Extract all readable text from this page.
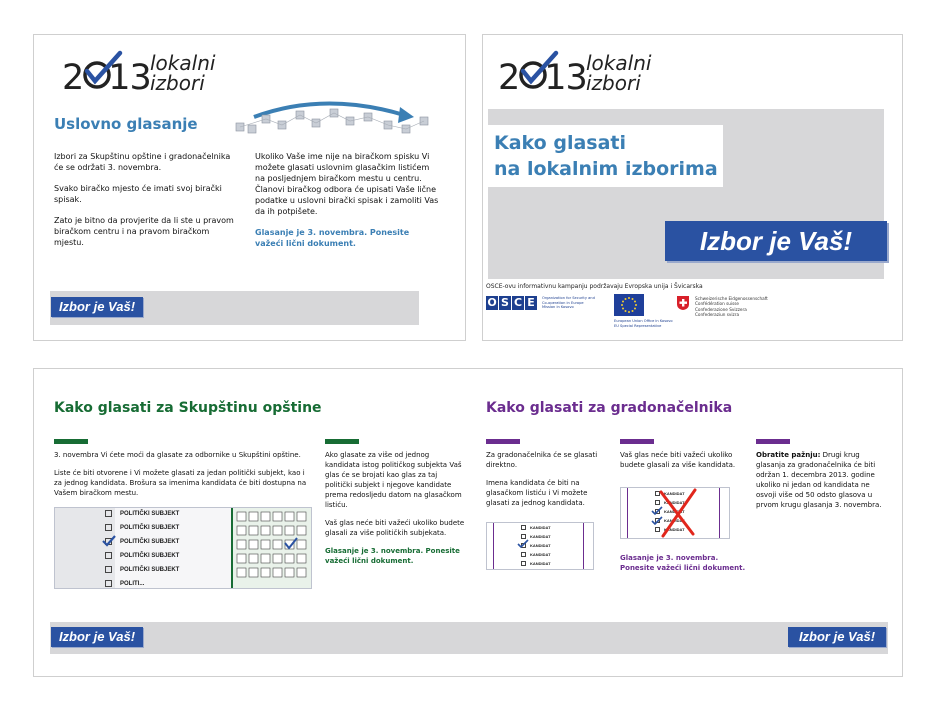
2 13 lokalni
izbori
Uslovno glasanje

Izbori za Skupštinu opštine i gradonačelnika će se održati 3. novembra.

Svako biračko mjesto će imati svoj birački spisak.

Zato je bitno da provjerite da li ste u pravom biračkom centru i na pravom biračkom mjestu.

Ukoliko Vaše ime nije na biračkom spisku Vi možete glasati uslovnim glasačkim listićem na posljednjem biračkom mestu u centru. Članovi biračkog odbora će upisati Vaše lične podatke u uslovni birački spisak i zamoliti Vas da ih potpišete.

Glasanje je 3. novembra. Ponesite važeći lični dokument.

Izbor je Vaš!
2 13 lokalni
izbori
Kako glasati
na lokalnim izborima
Izbor je Vaš!
OSCE-ovu informativnu kampanju podržavaju Evropska unija i Švicarska
O S C E	Organization for Security and
Co-operation in Europe
Mission in Kosovo
European Union Office in Kosovo
EU Special Representative
Schweizerische Eidgenossenschaft
Confédération suisse
Confederazione Svizzera
Confederaziun svizra
Kako glasati za Skupštinu opštine

3. novembra Vi ćete moći da glasate za odbornike u Skupštini opštine.

Liste će biti otvorene i Vi možete glasati za jedan politički subjekt, kao i za jednog kandidata. Brošura sa imenima kandidata će biti dostupna na Vašem biračkom mestu.

POLITIČKI SUBJEKT
POLITIČKI SUBJEKT
POLITIČKI SUBJEKT
POLITIČKI SUBJEKT
POLITIČKI SUBJEKT
POLITI...

Ako glasate za više od jednog kandidata istog političkog subjekta Vaš glas će se brojati kao glas za taj politički subjekt i njegove kandidate prema redosljedu datom na glasačkom listiću.

Vaš glas neće biti važeći ukoliko budete glasali za više političkih subjekata.

Glasanje je 3. novembra. Ponesite važeći lični dokument.

Kako glasati za gradonačelnika

Za gradonačelnika će se glasati direktno.

Imena kandidata će biti na glasačkom listiću i Vi možete glasati za jednog kandidata.

KANDIDAT
KANDIDAT
KANDIDAT
KANDIDAT
KANDIDAT
Vaš glas neće biti važeći ukoliko budete glasali za više kandidata.
KANDIDAT
KANDIDAT
KANDIDAT
KANDIDAT
KANDIDAT
Glasanje je 3. novembra. Ponesite važeći lični dokument.
Obratite pažnju: Drugi krug glasanja za gradonačelnika će biti održan 1. decembra 2013. godine ukoliko ni jedan od kandidata ne osvoji više od 50 odsto glasova u prvom krugu glasanja 3. novembra.
Izbor je Vaš!	Izbor je Vaš!
